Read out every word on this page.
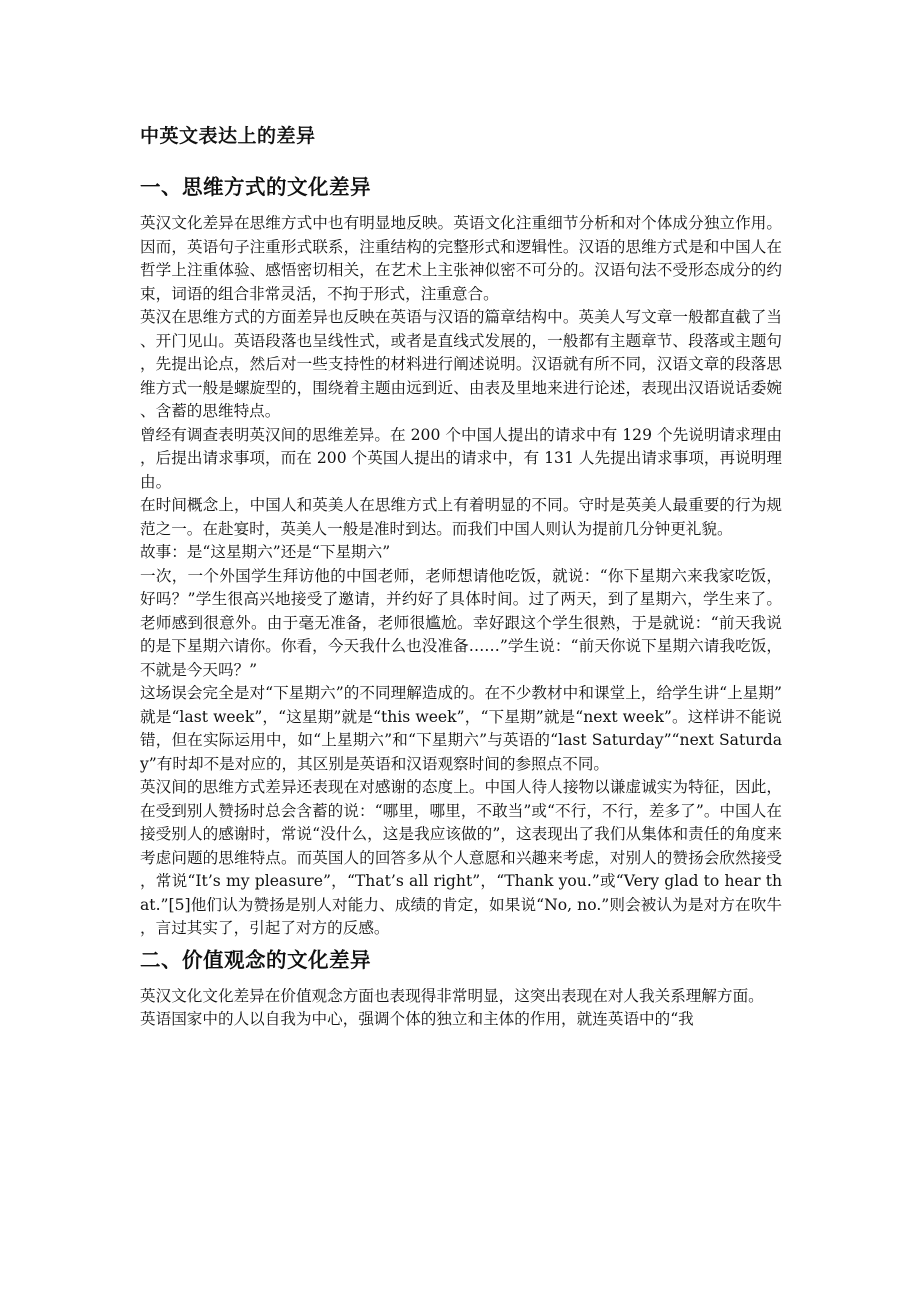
中英文表达上的差异
一、思维方式的文化差异

英汉文化差异在思维方式中也有明显地反映。英语文化注重细节分析和对个体成分独立作用。因而，英语句子注重形式联系，注重结构的完整形式和逻辑性。汉语的思维方式是和中国人在哲学上注重体验、感悟密切相关，在艺术上主张神似密不可分的。汉语句法不受形态成分的约束，词语的组合非常灵活，不拘于形式，注重意合。

英汉在思维方式的方面差异也反映在英语与汉语的篇章结构中。英美人写文章一般都直截了当、开门见山。英语段落也呈线性式，或者是直线式发展的，一般都有主题章节、段落或主题句，先提出论点，然后对一些支持性的材料进行阐述说明。汉语就有所不同，汉语文章的段落思维方式一般是螺旋型的，围绕着主题由远到近、由表及里地来进行论述，表现出汉语说话委婉、含蓄的思维特点。

曾经有调查表明英汉间的思维差异。在 200 个中国人提出的请求中有 129 个先说明请求理由，后提出请求事项，而在 200 个英国人提出的请求中，有 131 人先提出请求事项，再说明理由。

在时间概念上，中国人和英美人在思维方式上有着明显的不同。守时是英美人最重要的行为规范之一。在赴宴时，英美人一般是准时到达。而我们中国人则认为提前几分钟更礼貌。

故事：是“这星期六”还是“下星期六”

一次，一个外国学生拜访他的中国老师，老师想请他吃饭，就说：“你下星期六来我家吃饭，好吗？”学生很高兴地接受了邀请，并约好了具体时间。过了两天，到了星期六，学生来了。老师感到很意外。由于毫无准备，老师很尴尬。幸好跟这个学生很熟，于是就说：“前天我说的是下星期六请你。你看，今天我什么也没准备……”学生说：“前天你说下星期六请我吃饭，不就是今天吗？”

这场误会完全是对“下星期六”的不同理解造成的。在不少教材中和课堂上，给学生讲“上星期”就是“last week”，“这星期”就是“this week”，“下星期”就是“next week”。这样讲不能说错，但在实际运用中，如“上星期六”和“下星期六”与英语的“last Saturday”“next Saturday”有时却不是对应的，其区别是英语和汉语观察时间的参照点不同。

英汉间的思维方式差异还表现在对感谢的态度上。中国人待人接物以谦虚诚实为特征，因此，在受到别人赞扬时总会含蓄的说：“哪里，哪里，不敢当”或“不行，不行，差多了”。中国人在接受别人的感谢时，常说“没什么，这是我应该做的”，这表现出了我们从集体和责任的角度来考虑问题的思维特点。而英国人的回答多从个人意愿和兴趣来考虑，对别人的赞扬会欣然接受，常说“It’s my pleasure”，“That’s all right”，“Thank you.”或“Very glad to hear that.”[5]他们认为赞扬是别人对能力、成绩的肯定，如果说“No, no.”则会被认为是对方在吹牛，言过其实了，引起了对方的反感。

二、价值观念的文化差异

英汉文化文化差异在价值观念方面也表现得非常明显，这突出表现在对人我关系理解方面。

英语国家中的人以自我为中心，强调个体的独立和主体的作用，就连英语中的“我
